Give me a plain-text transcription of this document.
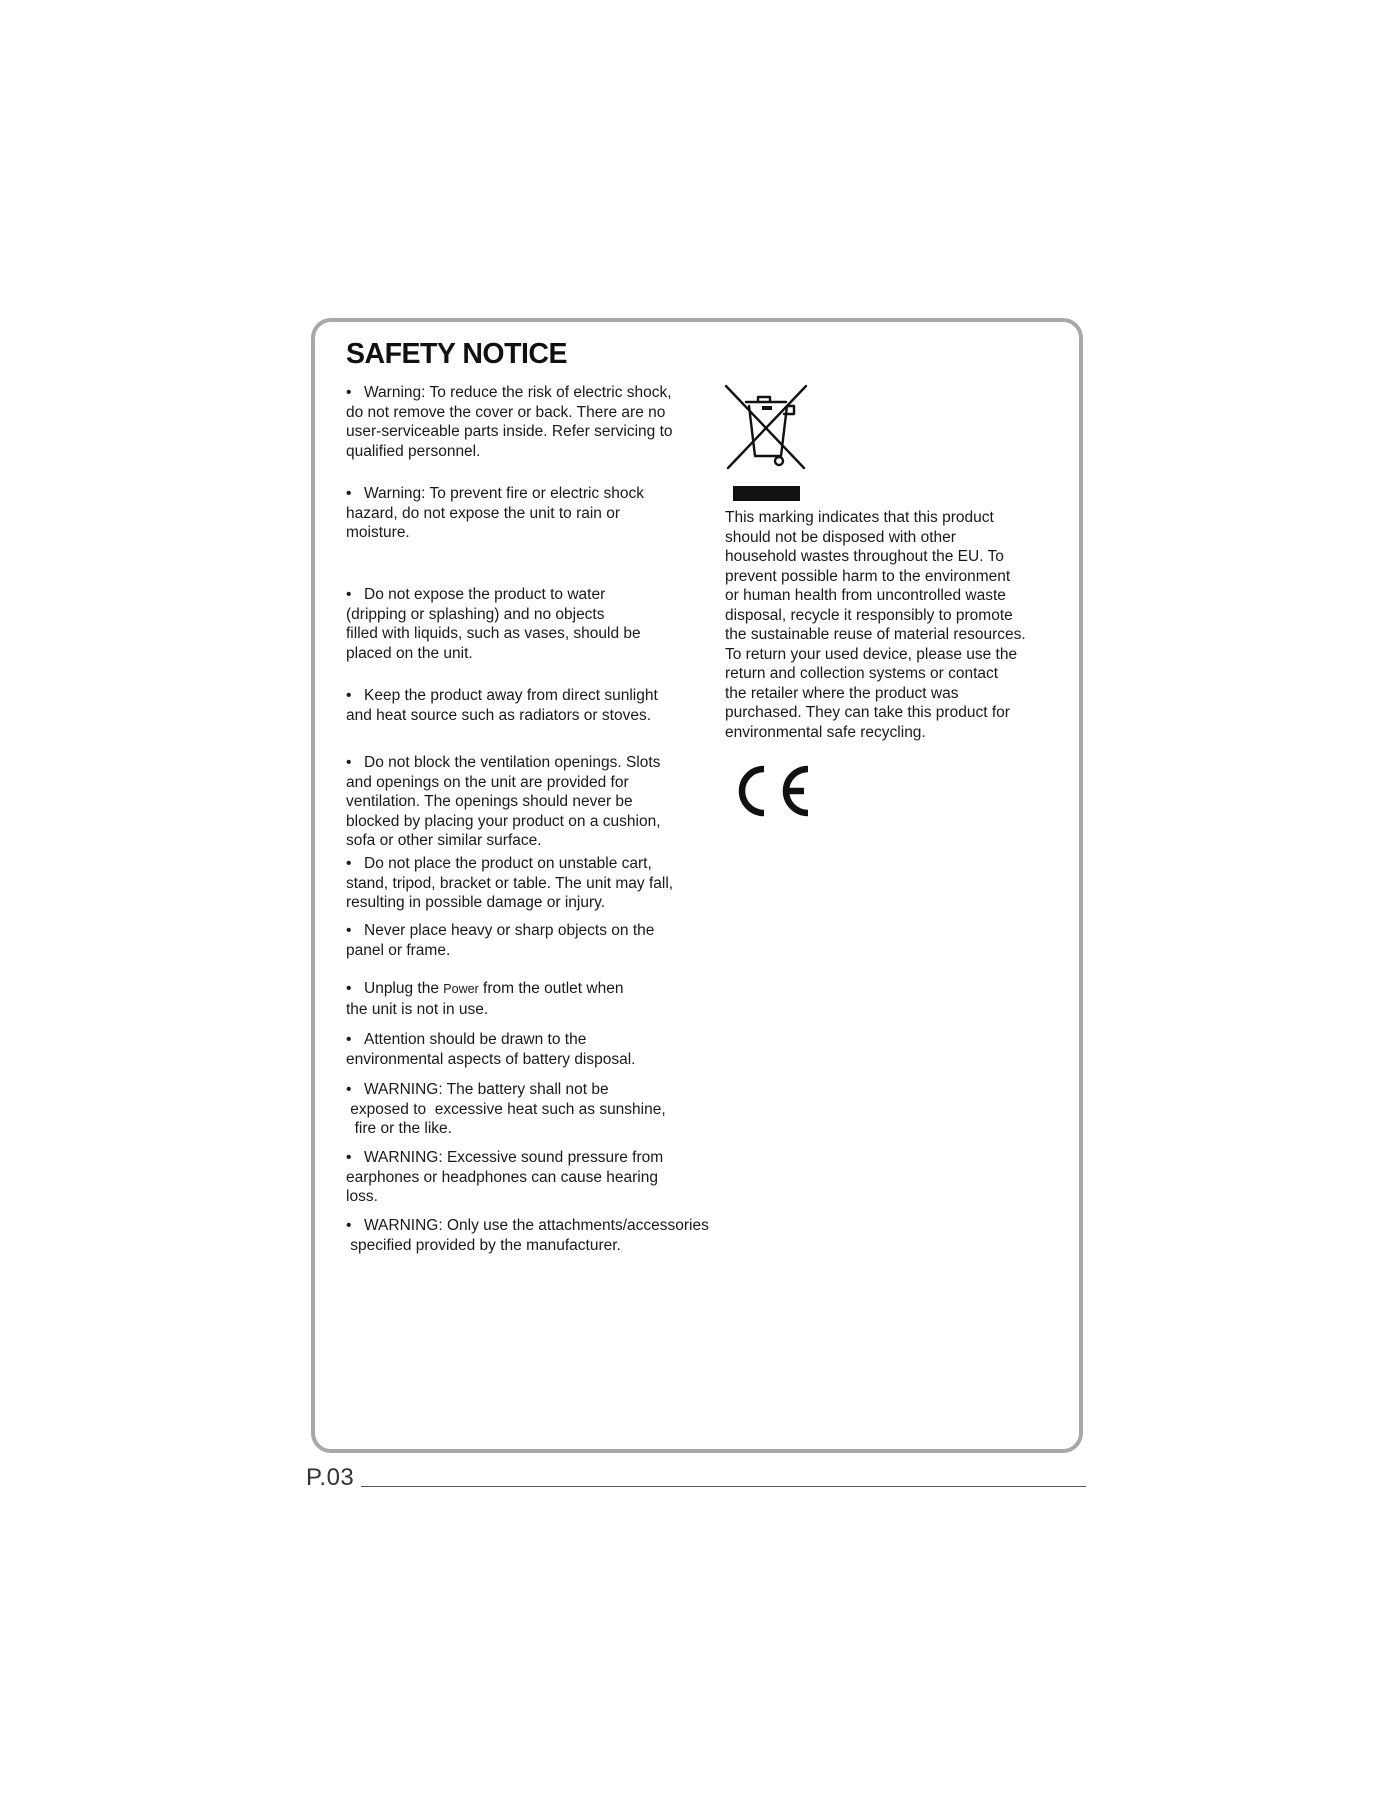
SAFETY NOTICE
• Warning: To reduce the risk of electric shock,
do not remove the cover or back. There are no
user-serviceable parts inside. Refer servicing to
qualified personnel.
• Warning: To prevent fire or electric shock
hazard, do not expose the unit to rain or
moisture.
• Do not expose the product to water
(dripping or splashing) and no objects
filled with liquids, such as vases, should be
placed on the unit.
• Keep the product away from direct sunlight
and heat source such as radiators or stoves.
• Do not block the ventilation openings. Slots
and openings on the unit are provided for
ventilation. The openings should never be
blocked by placing your product on a cushion,
sofa or other similar surface.
• Do not place the product on unstable cart,
stand, tripod, bracket or table. The unit may fall,
resulting in possible damage or injury.
• Never place heavy or sharp objects on the
panel or frame.
• Unplug the Power from the outlet when
the unit is not in use.
• Attention should be drawn to the
environmental aspects of battery disposal.
• WARNING: The battery shall not be
exposed to  excessive heat such as sunshine,
fire or the like.
• WARNING: Excessive sound pressure from
earphones or headphones can cause hearing
loss.
• WARNING: Only use the attachments/accessories
specified provided by the manufacturer.

This marking indicates that this product
should not be disposed with other
household wastes throughout the EU. To
prevent possible harm to the environment
or human health from uncontrolled waste
disposal, recycle it responsibly to promote
the sustainable reuse of material resources.
To return your used device, please use the
return and collection systems or contact
the retailer where the product was
purchased. They can take this product for
environmental safe recycling.

P.03
